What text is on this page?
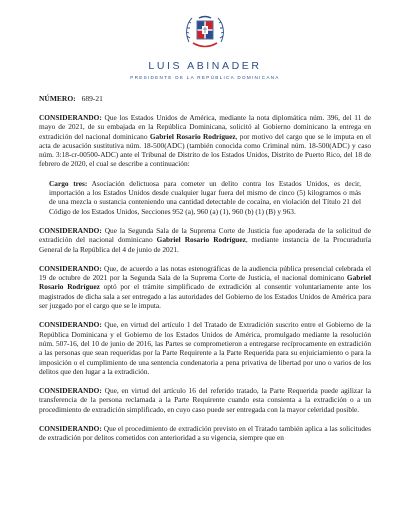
LUIS ABINADER
PRESIDENTE DE LA REPÚBLICA DOMINICANA
NÚMERO: 689-21

CONSIDERANDO: Que los Estados Unidos de América, mediante la nota diplomática núm. 396, del 11 de mayo de 2021, de su embajada en la República Dominicana, solicitó al Gobierno dominicano la entrega en extradición del nacional dominicano Gabriel Rosario Rodríguez, por motivo del cargo que se le imputa en el acta de acusación sustitutiva núm. 18-500(ADC) (también conocida como Criminal núm. 18-500(ADC) y caso núm. 3:18-cr-00500-ADC) ante el Tribunal de Distrito de los Estados Unidos, Distrito de Puerto Rico, del 18 de febrero de 2020, el cual se describe a continuación:

Cargo tres: Asociación delictuosa para cometer un delito contra los Estados Unidos, es decir, importación a los Estados Unidos desde cualquier lugar fuera del mismo de cinco (5) kilogramos o más de una mezcla o sustancia conteniendo una cantidad detectable de cocaína, en violación del Título 21 del Código de los Estados Unidos, Secciones 952 (a), 960 (a) (1), 960 (b) (1) (B) y 963.

CONSIDERANDO: Que la Segunda Sala de la Suprema Corte de Justicia fue apoderada de la solicitud de extradición del nacional dominicano Gabriel Rosario Rodríguez, mediante instancia de la Procuraduría General de la República del 4 de junio de 2021.

CONSIDERANDO: Que, de acuerdo a las notas estenográficas de la audiencia pública presencial celebrada el 19 de octubre de 2021 por la Segunda Sala de la Suprema Corte de Justicia, el nacional dominicano Gabriel Rosario Rodríguez optó por el trámite simplificado de extradición al consentir voluntariamente ante los magistrados de dicha sala a ser entregado a las autoridades del Gobierno de los Estados Unidos de América para ser juzgado por el cargo que se le imputa.

CONSIDERANDO: Que, en virtud del artículo 1 del Tratado de Extradición suscrito entre el Gobierno de la República Dominicana y el Gobierno de los Estados Unidos de América, promulgado mediante la resolución núm. 507-16, del 10 de junio de 2016, las Partes se comprometieron a entregarse recíprocamente en extradición a las personas que sean requeridas por la Parte Requirente a la Parte Requerida para su enjuiciamiento o para la imposición o el cumplimiento de una sentencia condenatoria a pena privativa de libertad por uno o varios de los delitos que den lugar a la extradición.

CONSIDERANDO: Que, en virtud del artículo 16 del referido tratado, la Parte Requerida puede agilizar la transferencia de la persona reclamada a la Parte Requirente cuando esta consienta a la extradición o a un procedimiento de extradición simplificado, en cuyo caso puede ser entregada con la mayor celeridad posible.

CONSIDERANDO: Que el procedimiento de extradición previsto en el Tratado también aplica a las solicitudes de extradición por delitos cometidos con anterioridad a su vigencia, siempre que en
